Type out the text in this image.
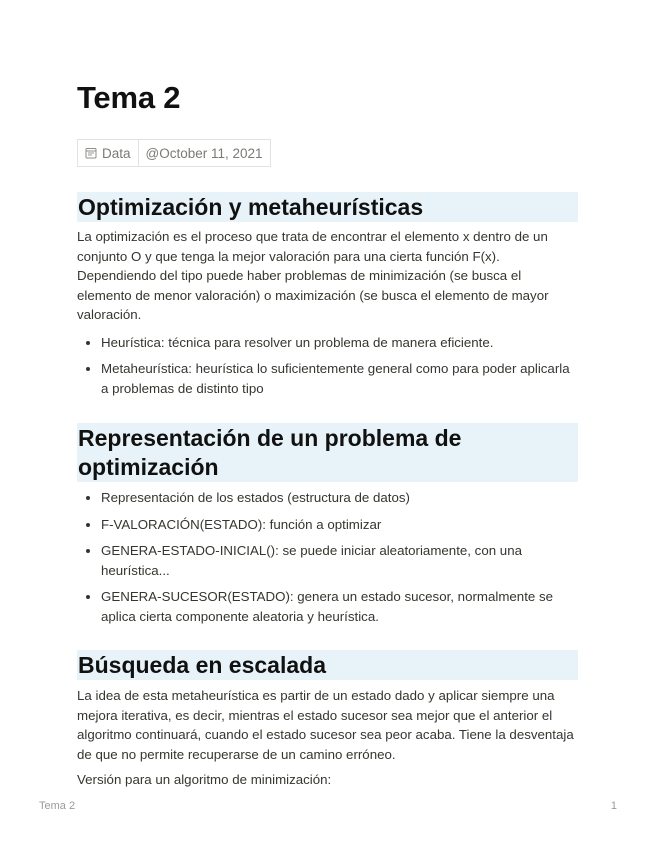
Tema 2
Data @October 11, 2021
Optimización y metaheurísticas

La optimización es el proceso que trata de encontrar el elemento x dentro de un conjunto O y que tenga la mejor valoración para una cierta función F(x). Dependiendo del tipo puede haber problemas de minimización (se busca el elemento de menor valoración) o maximización (se busca el elemento de mayor valoración.

Heurística: técnica para resolver un problema de manera eficiente.
Metaheurística: heurística lo suficientemente general como para poder aplicarla a problemas de distinto tipo
Representación de un problema de optimización
Representación de los estados (estructura de datos)
F-VALORACIÓN(ESTADO): función a optimizar
GENERA-ESTADO-INICIAL(): se puede iniciar aleatoriamente, con una heurística...
GENERA-SUCESOR(ESTADO): genera un estado sucesor, normalmente se aplica cierta componente aleatoria y heurística.
Búsqueda en escalada

La idea de esta metaheurística es partir de un estado dado y aplicar siempre una mejora iterativa, es decir, mientras el estado sucesor sea mejor que el anterior el algoritmo continuará, cuando el estado sucesor sea peor acaba. Tiene la desventaja de que no permite recuperarse de un camino erróneo.

Versión para un algoritmo de minimización:

Tema 2	1
